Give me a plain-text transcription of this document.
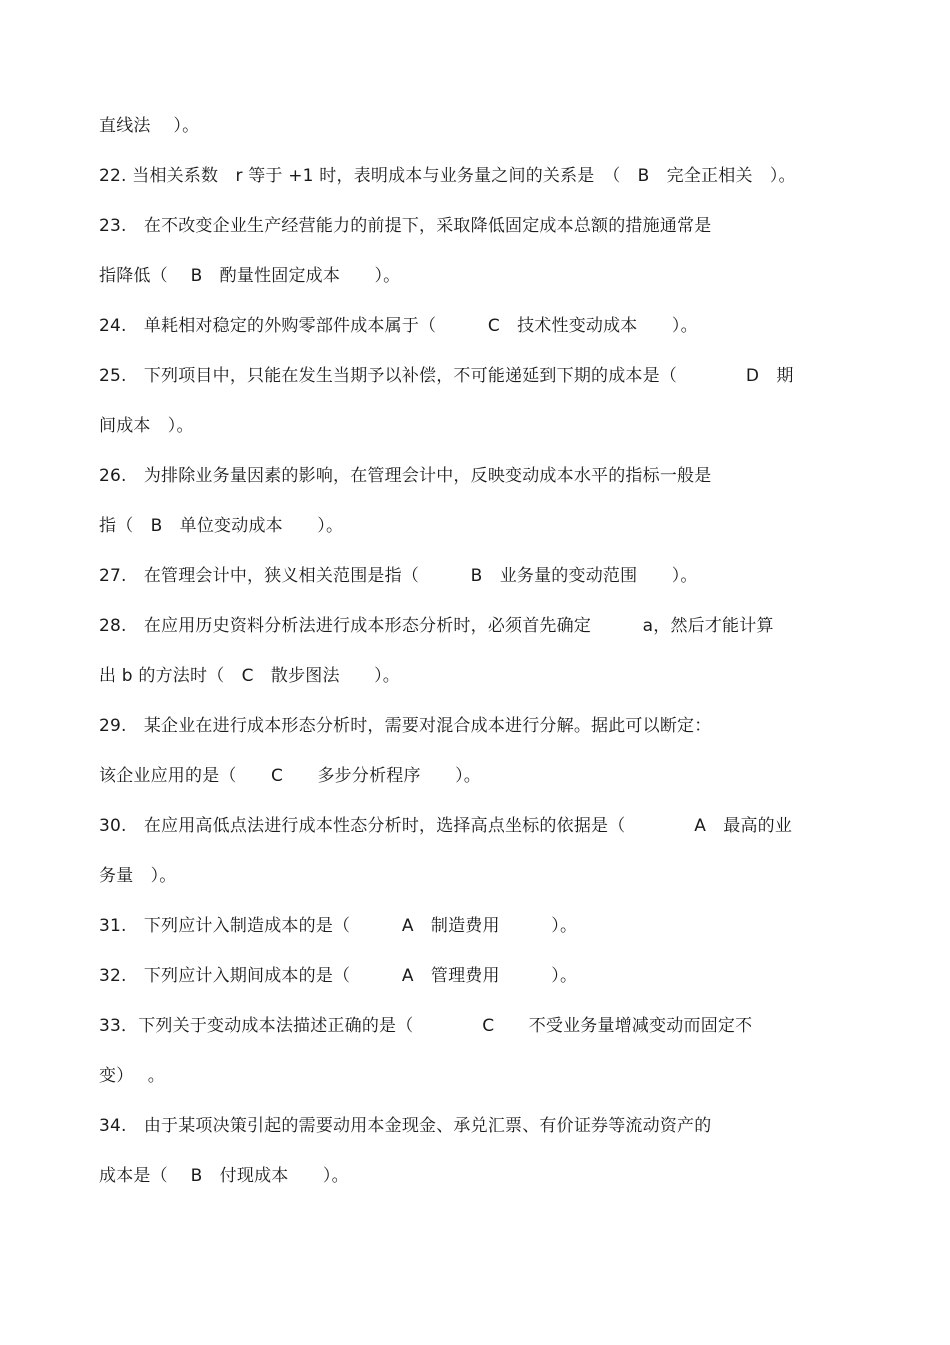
直线法　 ）。
22. 当相关系数　r 等于 +1 时，表明成本与业务量之间的关系是　（　B　完全正相关　）。
23.　在不改变企业生产经营能力的前提下，采取降低固定成本总额的措施通常是
指降低（　 B　酌量性固定成本　　）。
24.　单耗相对稳定的外购零部件成本属于（　　　C　技术性变动成本　　）。
25.　下列项目中，只能在发生当期予以补偿，不可能递延到下期的成本是（　　　　D　期
间成本　）。
26.　为排除业务量因素的影响，在管理会计中，反映变动成本水平的指标一般是
指（　B　单位变动成本　　）。
27.　在管理会计中，狭义相关范围是指（　　　B　业务量的变动范围　　）。
28.　在应用历史资料分析法进行成本形态分析时，必须首先确定　　　a，然后才能计算
出 b 的方法时（　C　散步图法　　）。
29.　某企业在进行成本形态分析时，需要对混合成本进行分解。据此可以断定：
该企业应用的是（　　C　　多步分析程序　　）。
30.　在应用高低点法进行成本性态分析时，选择高点坐标的依据是（　　　　A　最高的业
务量　）。
31.　下列应计入制造成本的是（　　　A　制造费用　　　）。
32.　下列应计入期间成本的是（　　　A　管理费用　　　）。
33．下列关于变动成本法描述正确的是（　　　　C　　不受业务量增减变动而固定不
变）　 。
34.　由于某项决策引起的需要动用本金现金、承兑汇票、有价证券等流动资产的
成本是（　 B　付现成本　　）。
